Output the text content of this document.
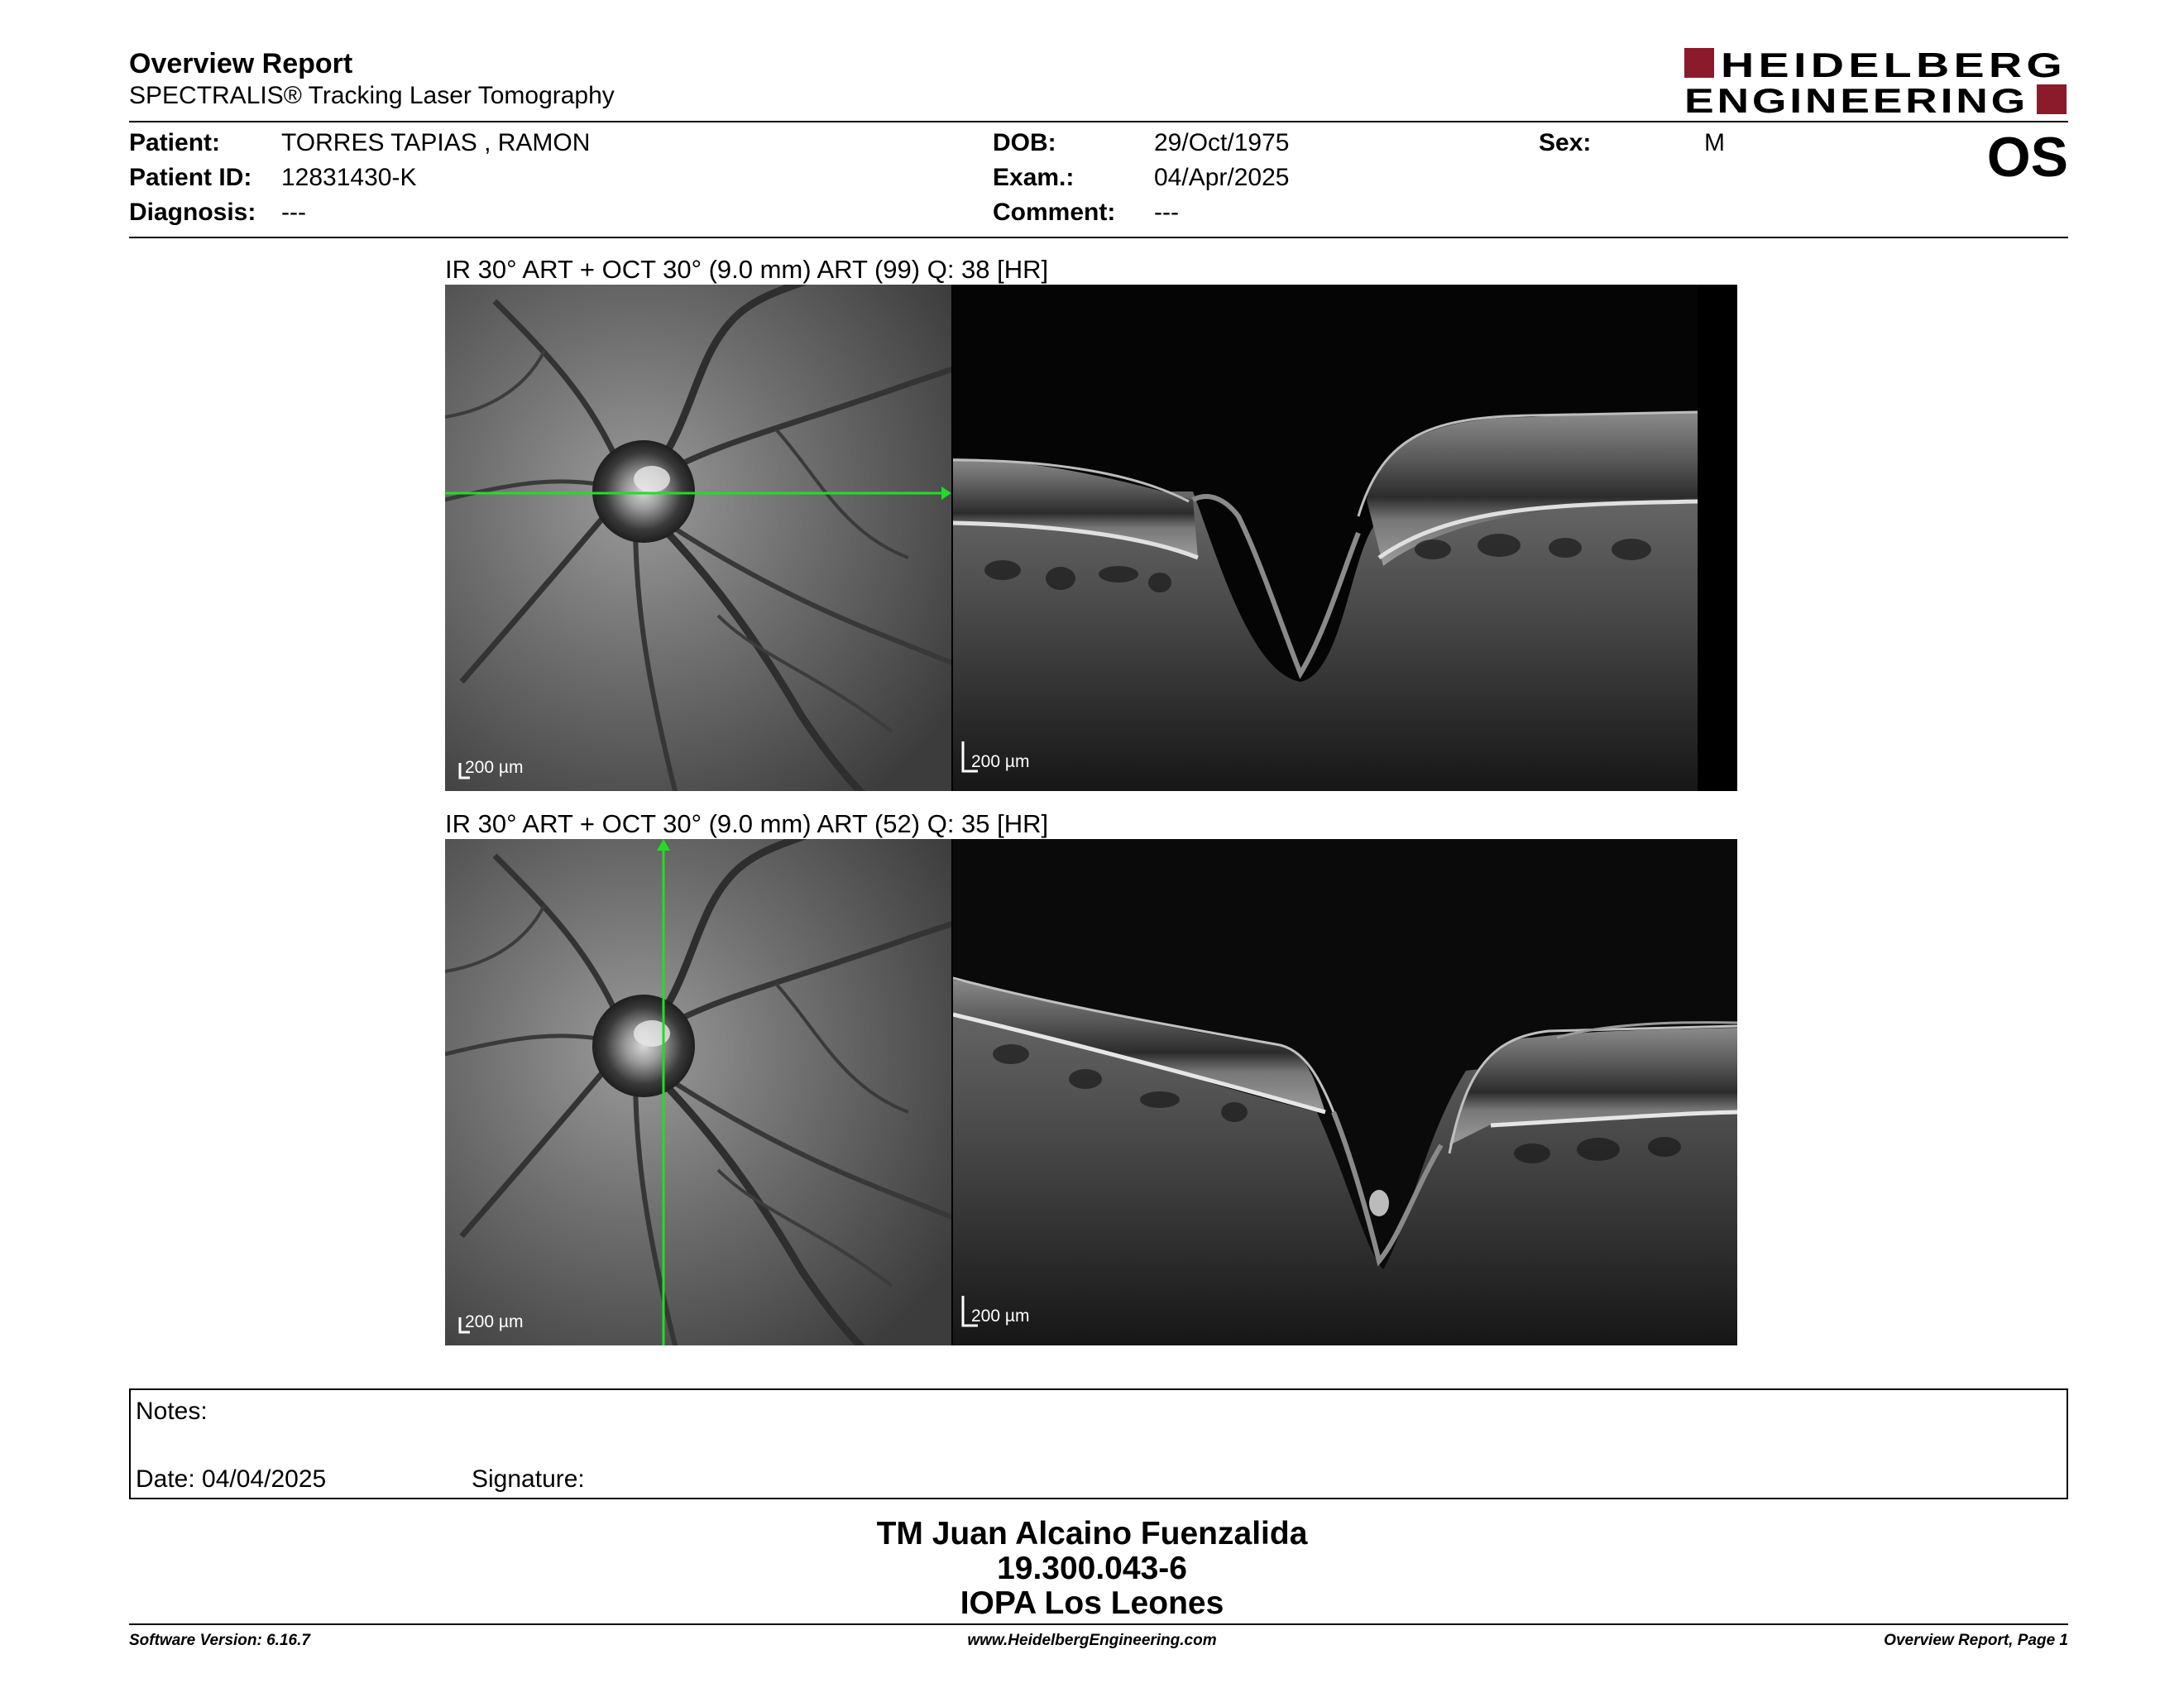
Overview Report
SPECTRALIS® Tracking Laser Tomography
HEIDELBERG
ENGINEERING
Patient: TORRES TAPIAS , RAMON
Patient ID: 12831430-K
Diagnosis: ---
DOB:	29/Oct/1975
Exam.:	04/Apr/2025
Comment: ---
Sex:	M	OS
IR 30° ART + OCT 30° (9.0 mm) ART (99) Q: 38 [HR]
200 µm	200 µm
IR 30° ART + OCT 30° (9.0 mm) ART (52) Q: 35 [HR]
200 µm	200 µm
Notes:
Date: 04/04/2025	Signature:
TM Juan Alcaino Fuenzalida
19.300.043-6
IOPA Los Leones
Software Version: 6.16.7	www.HeidelbergEngineering.com	Overview Report, Page 1
